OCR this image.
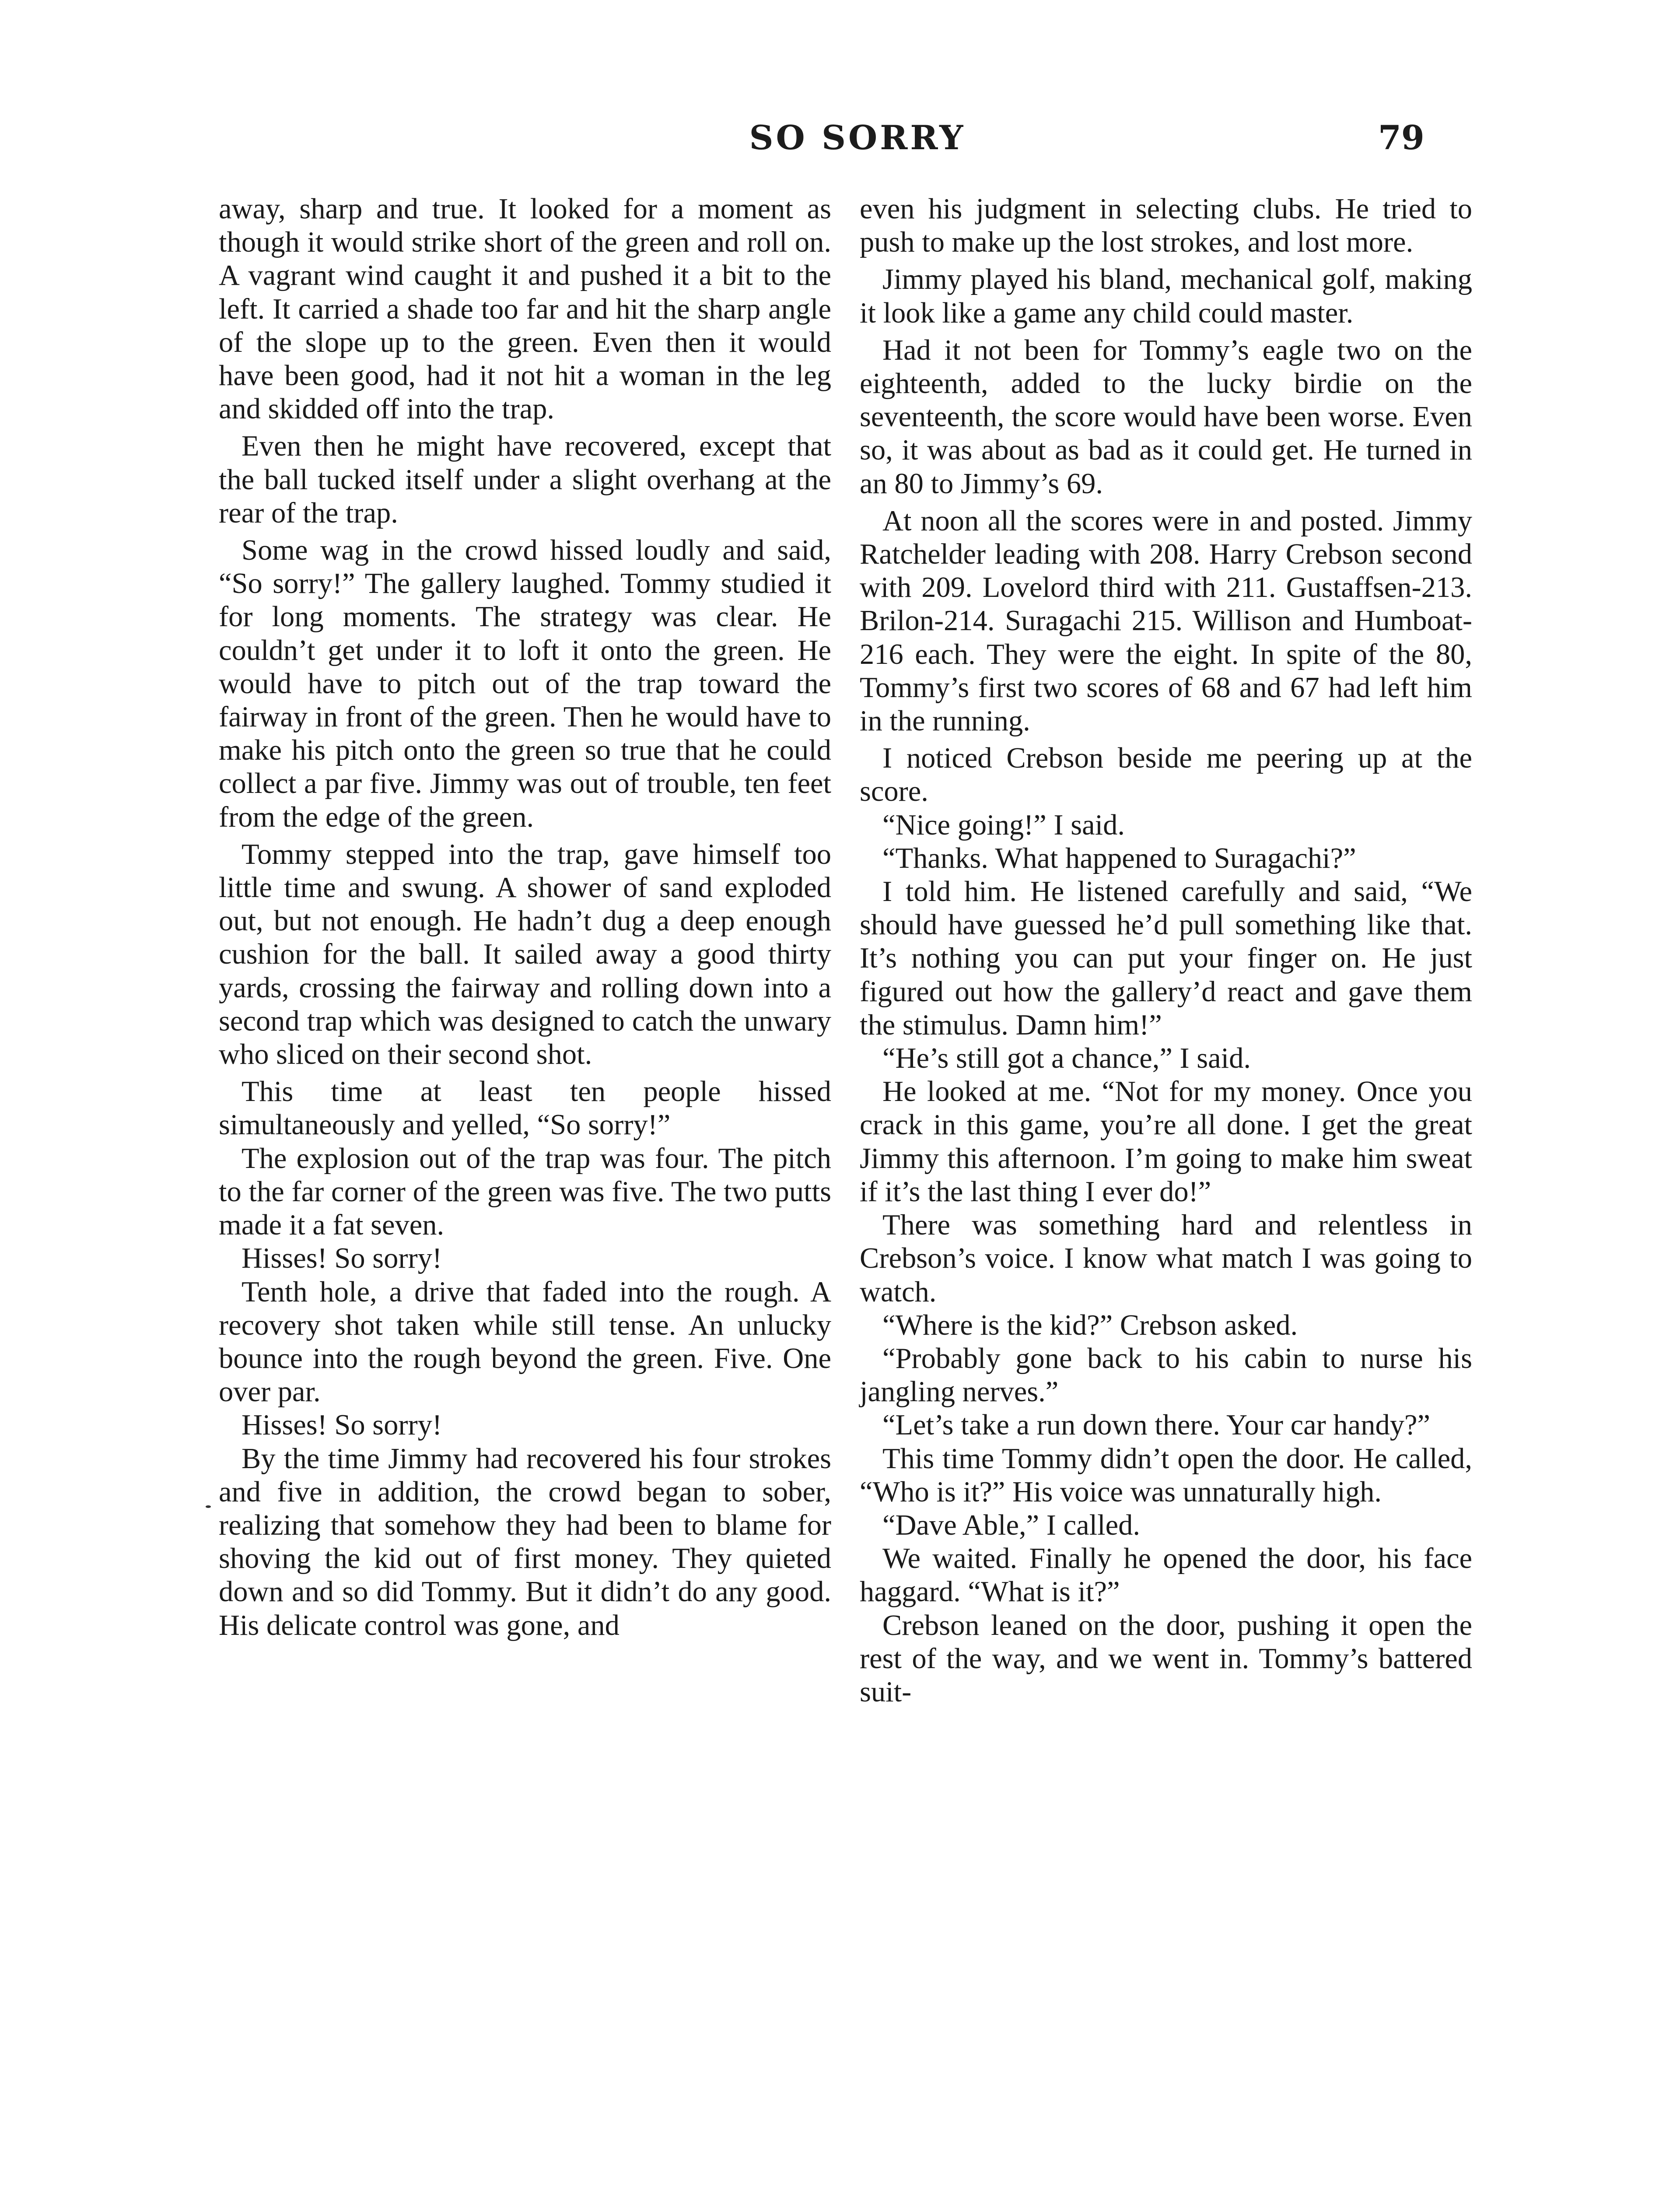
SO SORRY	79

away, sharp and true. It looked for a moment as though it would strike short of the green and roll on. A vagrant wind caught it and pushed it a bit to the left. It carried a shade too far and hit the sharp angle of the slope up to the green. Even then it would have been good, had it not hit a woman in the leg and skidded off into the trap.

Even then he might have recovered, except that the ball tucked itself under a slight overhang at the rear of the trap.

Some wag in the crowd hissed loudly and said, “So sorry!” The gallery laughed. Tommy studied it for long moments. The strategy was clear. He couldn’t get under it to loft it onto the green. He would have to pitch out of the trap toward the fairway in front of the green. Then he would have to make his pitch onto the green so true that he could collect a par five. Jimmy was out of trouble, ten feet from the edge of the green.

Tommy stepped into the trap, gave himself too little time and swung. A shower of sand exploded out, but not enough. He hadn’t dug a deep enough cushion for the ball. It sailed away a good thirty yards, crossing the fairway and rolling down into a second trap which was designed to catch the unwary who sliced on their second shot.

This time at least ten people hissed simultaneously and yelled, “So sorry!”

The explosion out of the trap was four. The pitch to the far corner of the green was five. The two putts made it a fat seven.

Hisses! So sorry!

Tenth hole, a drive that faded into the rough. A recovery shot taken while still tense. An unlucky bounce into the rough beyond the green. Five. One over par.

Hisses! So sorry!

By the time Jimmy had recovered his four strokes and five in addition, the crowd began to sober, realizing that somehow they had been to blame for shoving the kid out of first money. They quieted down and so did Tommy. But it didn’t do any good. His delicate control was gone, and

even his judgment in selecting clubs. He tried to push to make up the lost strokes, and lost more.

Jimmy played his bland, mechanical golf, making it look like a game any child could master.

Had it not been for Tommy’s eagle two on the eighteenth, added to the lucky birdie on the seventeenth, the score would have been worse. Even so, it was about as bad as it could get. He turned in an 80 to Jimmy’s 69.

At noon all the scores were in and posted. Jimmy Ratchelder leading with 208. Harry Crebson second with 209. Lovelord third with 211. Gustaffsen-213. Brilon-214. Suragachi 215. Willison and Humboat-216 each. They were the eight. In spite of the 80, Tommy’s first two scores of 68 and 67 had left him in the running.

I noticed Crebson beside me peering up at the score.

“Nice going!” I said.

“Thanks. What happened to Suragachi?”

I told him. He listened carefully and said, “We should have guessed he’d pull something like that. It’s nothing you can put your finger on. He just figured out how the gallery’d react and gave them the stimulus. Damn him!”

“He’s still got a chance,” I said.

He looked at me. “Not for my money. Once you crack in this game, you’re all done. I get the great Jimmy this afternoon. I’m going to make him sweat if it’s the last thing I ever do!”

There was something hard and relentless in Crebson’s voice. I know what match I was going to watch.

“Where is the kid?” Crebson asked.

“Probably gone back to his cabin to nurse his jangling nerves.”

“Let’s take a run down there. Your car handy?”

This time Tommy didn’t open the door. He called, “Who is it?” His voice was unnaturally high.

“Dave Able,” I called.

We waited. Finally he opened the door, his face haggard. “What is it?”

Crebson leaned on the door, pushing it open the rest of the way, and we went in. Tommy’s battered suit-
